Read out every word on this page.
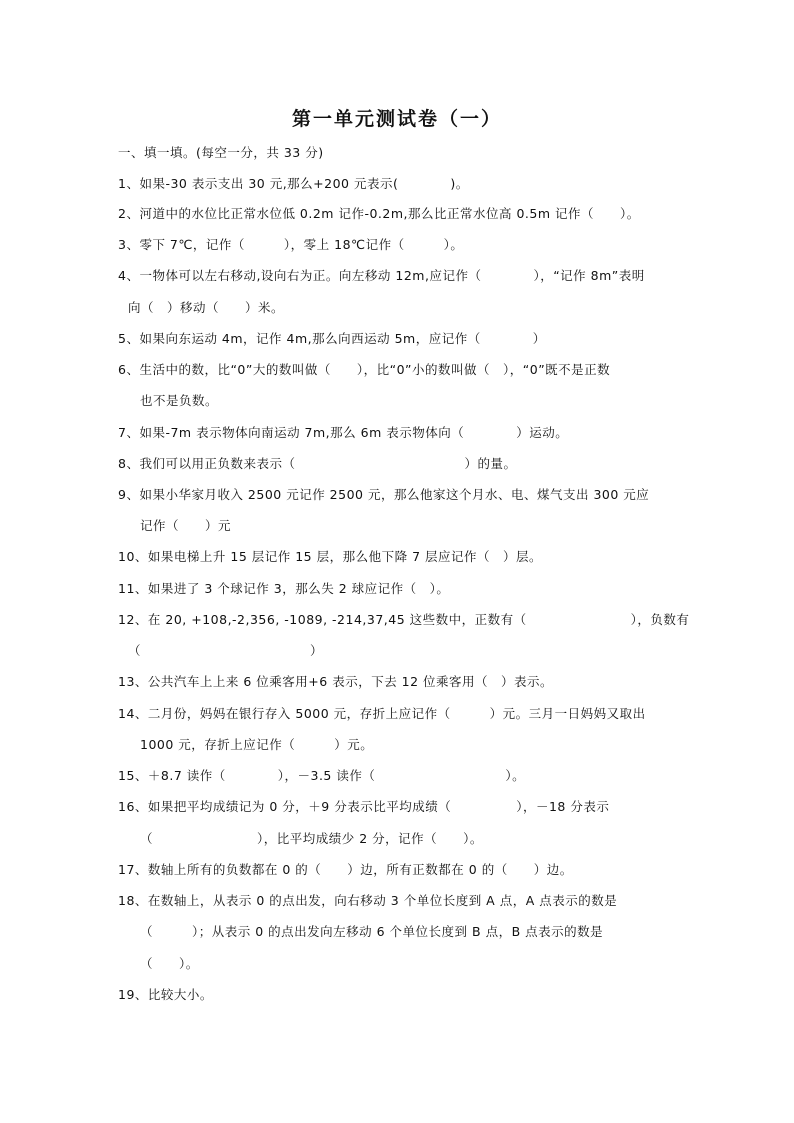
第一单元测试卷（一）
一、填一填。(每空一分，共 33 分)
1、如果-30 表示支出 30 元,那么+200 元表示(　　　　)。
2、河道中的水位比正常水位低 0.2m 记作-0.2m,那么比正常水位高 0.5m 记作（　　）。
3、零下 7℃，记作（　　　），零上 18℃记作（　　　）。
4、一物体可以左右移动,设向右为正。向左移动 12m,应记作（　　　　），“记作 8m”表明
向（　）移动（　　）米。
5、如果向东运动 4m，记作 4m,那么向西运动 5m，应记作（　　　　）
6、生活中的数，比“0”大的数叫做（　　），比“0”小的数叫做（　），“0”既不是正数
也不是负数。
7、如果-7m 表示物体向南运动 7m,那么 6m 表示物体向（　　　　）运动。
8、我们可以用正负数来表示（　　　　　　　　　　　　　）的量。
9、如果小华家月收入 2500 元记作 2500 元，那么他家这个月水、电、煤气支出 300 元应
记作（　　）元
10、如果电梯上升 15 层记作 15 层，那么他下降 7 层应记作（　）层。
11、如果进了 3 个球记作 3，那么失 2 球应记作（　）。
12、在 20, +108,-2,356, -1089, -214,37,45 这些数中，正数有（　　　　　　　　），负数有
（　　　　　　　　　　　　　）
13、公共汽车上上来 6 位乘客用+6 表示，下去 12 位乘客用（　）表示。
14、二月份，妈妈在银行存入 5000 元，存折上应记作（　　　）元。三月一日妈妈又取出
1000 元，存折上应记作（　　　）元。
15、＋8.7 读作（　　　　），－3.5 读作（　　　　　　　　　　）。
16、如果把平均成绩记为 0 分，＋9 分表示比平均成绩（　　　　　），－18 分表示
（　　　　　　　　），比平均成绩少 2 分，记作（　　）。
17、数轴上所有的负数都在 0 的（　　）边，所有正数都在 0 的（　　）边。
18、在数轴上，从表示 0 的点出发，向右移动 3 个单位长度到 A 点，A 点表示的数是
（　　　）；从表示 0 的点出发向左移动 6 个单位长度到 B 点，B 点表示的数是
（　　）。
19、比较大小。
